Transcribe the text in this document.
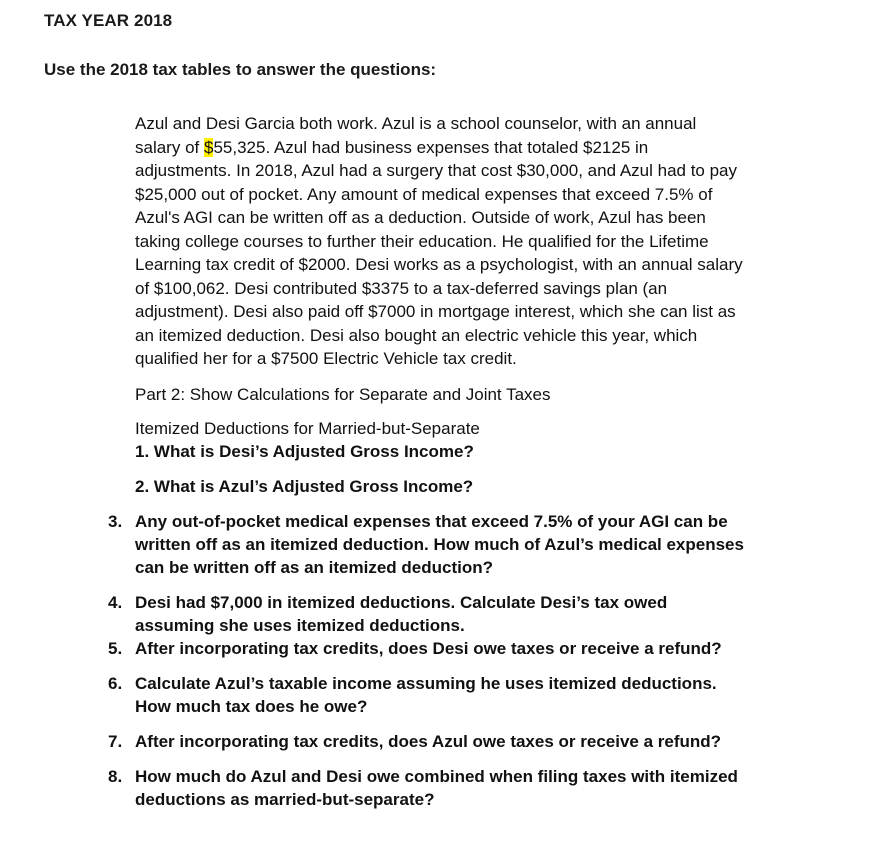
TAX YEAR 2018
Use the 2018 tax tables to answer the questions:
Azul and Desi Garcia both work. Azul is a school counselor, with an annual
salary of $55,325. Azul had business expenses that totaled $2125 in
adjustments. In 2018, Azul had a surgery that cost $30,000, and Azul had to pay
$25,000 out of pocket. Any amount of medical expenses that exceed 7.5% of
Azul's AGI can be written off as a deduction. Outside of work, Azul has been
taking college courses to further their education. He qualified for the Lifetime
Learning tax credit of $2000. Desi works as a psychologist, with an annual salary
of $100,062. Desi contributed $3375 to a tax-deferred savings plan (an
adjustment). Desi also paid off $7000 in mortgage interest, which she can list as
an itemized deduction. Desi also bought an electric vehicle this year, which
qualified her for a $7500 Electric Vehicle tax credit.
Part 2: Show Calculations for Separate and Joint Taxes
Itemized Deductions for Married-but-Separate
1. What is Desi’s Adjusted Gross Income?
2. What is Azul’s Adjusted Gross Income?
3. Any out-of-pocket medical expenses that exceed 7.5% of your AGI can be
written off as an itemized deduction. How much of Azul’s medical expenses
can be written off as an itemized deduction?
4. Desi had $7,000 in itemized deductions. Calculate Desi’s tax owed
assuming she uses itemized deductions.
5. After incorporating tax credits, does Desi owe taxes or receive a refund?
6. Calculate Azul’s taxable income assuming he uses itemized deductions.
How much tax does he owe?
7. After incorporating tax credits, does Azul owe taxes or receive a refund?
8. How much do Azul and Desi owe combined when filing taxes with itemized
deductions as married-but-separate?
